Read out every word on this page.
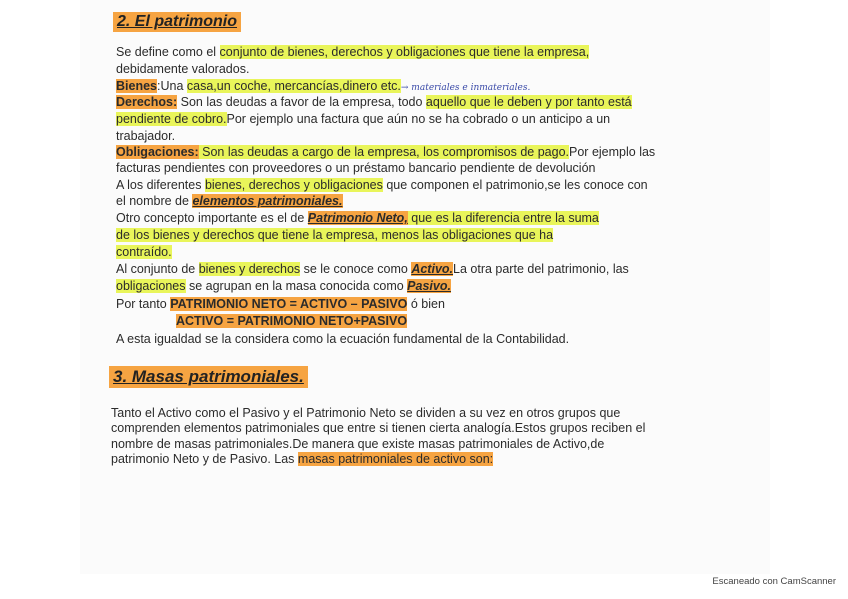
2. El patrimonio
Se define como el conjunto de bienes, derechos y obligaciones que tiene la empresa,
debidamente valorados.
Bienes:Una casa,un coche, mercancías,dinero etc.→ materiales e inmateriales.
Derechos: Son las deudas a favor de la empresa, todo aquello que le deben y por tanto está
pendiente de cobro.Por ejemplo una factura que aún no se ha cobrado o un anticipo a un
trabajador.
Obligaciones: Son las deudas a cargo de la empresa, los compromisos de pago.Por ejemplo las
facturas pendientes con proveedores o un préstamo bancario pendiente de devolución
A los diferentes bienes, derechos y obligaciones que componen el patrimonio,se les conoce con
el nombre de elementos patrimoniales.
Otro concepto importante es el de Patrimonio Neto, que es la diferencia entre la suma
de los bienes y derechos que tiene la empresa, menos las obligaciones que ha
contraído.
Al conjunto de bienes y derechos se le conoce como Activo.La otra parte del patrimonio, las
obligaciones se agrupan en la masa conocida como Pasivo.
Por tanto PATRIMONIO NETO = ACTIVO – PASIVO ó bien
ACTIVO = PATRIMONIO NETO+PASIVO
A esta igualdad se la considera como la ecuación fundamental de la Contabilidad.
3. Masas patrimoniales.
Tanto el Activo como el Pasivo y el Patrimonio Neto se dividen a su vez en otros grupos que
comprenden elementos patrimoniales que entre si tienen cierta analogía.Estos grupos reciben el
nombre de masas patrimoniales.De manera que existe masas patrimoniales de Activo,de
patrimonio Neto y de Pasivo. Las masas patrimoniales de activo son:
Escaneado con CamScanner
